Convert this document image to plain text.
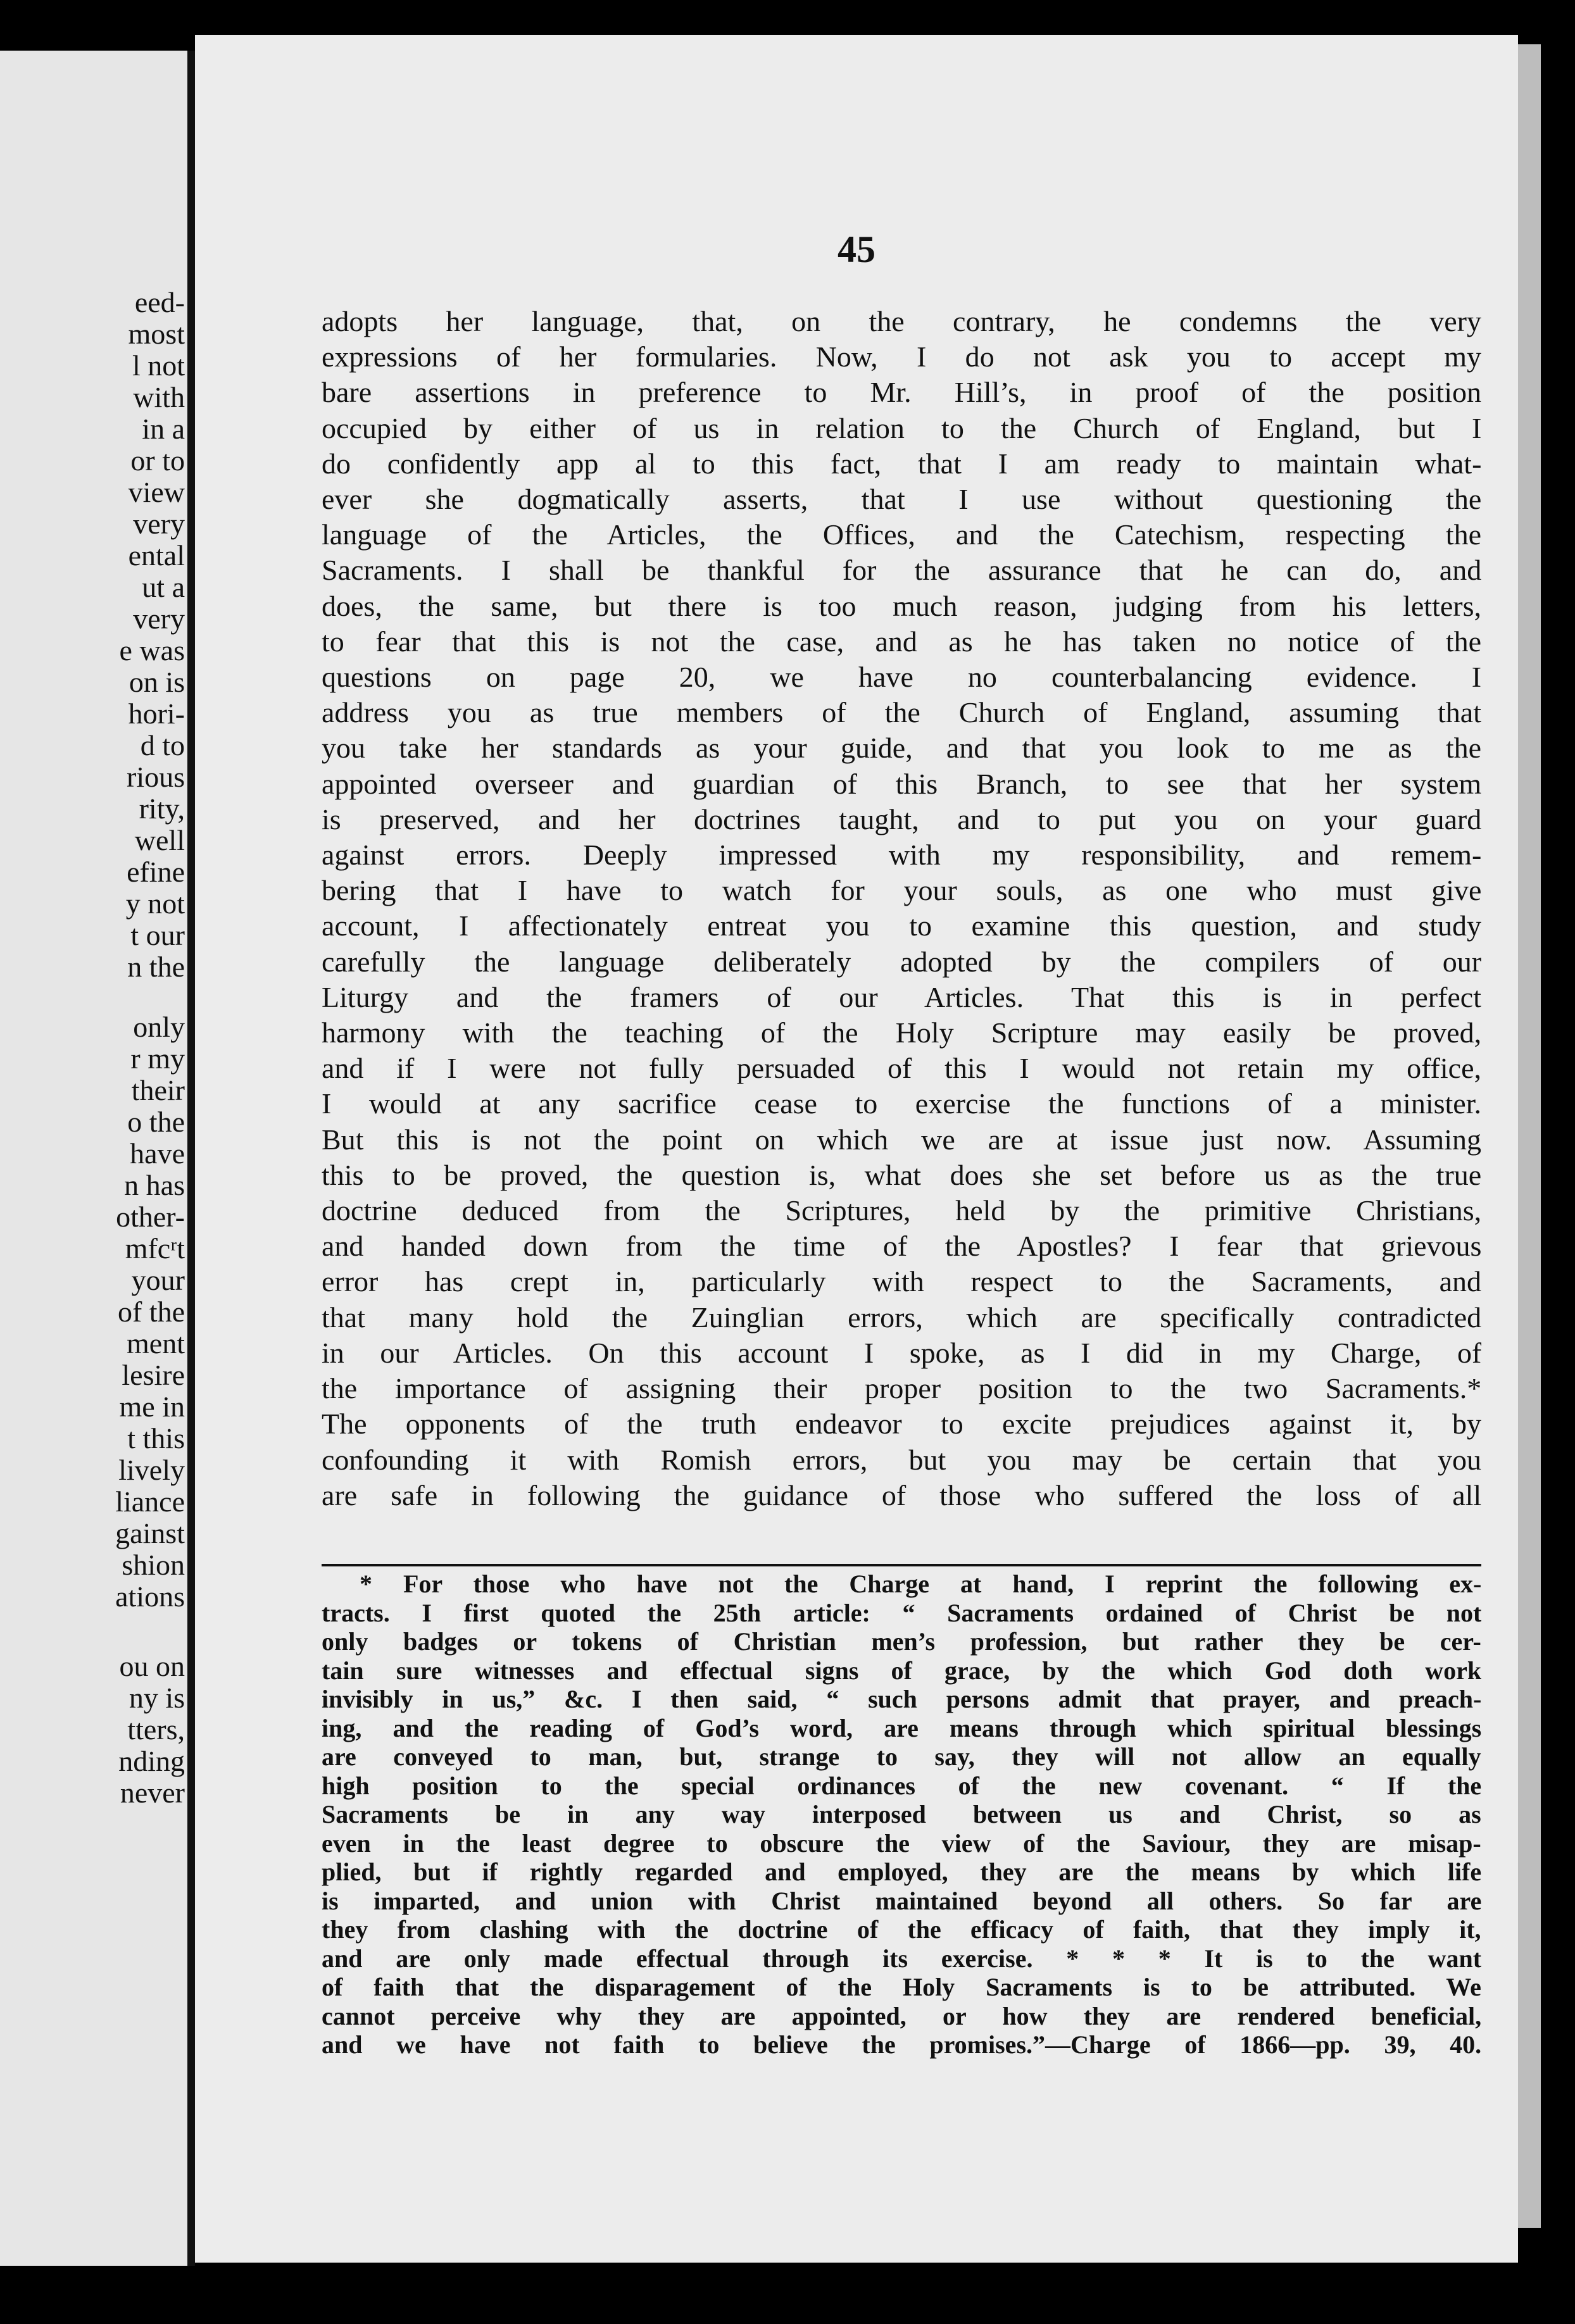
eed-
most
l not
with
in a
or to
view
very
ental
ut a
very
e was
on is
hori-
d to
rious
rity,
well
efine
y not
t our
n the
only
r my
their
o the
have
n has
other-
mfcʳt
your
of the
ment
lesire
me in
t this
lively
liance
gainst
shion
ations
ou on
ny is
tters,
nding
never
45
adopts her language, that, on the contrary, he condemns the very
expressions of her formularies. Now, I do not ask you to accept my
bare assertions in preference to Mr. Hill’s, in proof of the position
occupied by either of us in relation to the Church of England, but I
do confidently app al to this fact, that I am ready to maintain what-
ever she dogmatically asserts, that I use without questioning the
language of the Articles, the Offices, and the Catechism, respecting the
Sacraments. I shall be thankful for the assurance that he can do, and
does, the same, but there is too much reason, judging from his letters,
to fear that this is not the case, and as he has taken no notice of the
questions on page 20, we have no counterbalancing evidence. I
address you as true members of the Church of England, assuming that
you take her standards as your guide, and that you look to me as the
appointed overseer and guardian of this Branch, to see that her system
is preserved, and her doctrines taught, and to put you on your guard
against errors. Deeply impressed with my responsibility, and remem-
bering that I have to watch for your souls, as one who must give
account, I affectionately entreat you to examine this question, and study
carefully the language deliberately adopted by the compilers of our
Liturgy and the framers of our Articles. That this is in perfect
harmony with the teaching of the Holy Scripture may easily be proved,
and if I were not fully persuaded of this I would not retain my office,
I would at any sacrifice cease to exercise the functions of a minister.
But this is not the point on which we are at issue just now. Assuming
this to be proved, the question is, what does she set before us as the true
doctrine deduced from the Scriptures, held by the primitive Christians,
and handed down from the time of the Apostles? I fear that grievous
error has crept in, particularly with respect to the Sacraments, and
that many hold the Zuinglian errors, which are specifically contradicted
in our Articles. On this account I spoke, as I did in my Charge, of
the importance of assigning their proper position to the two Sacraments.*
The opponents of the truth endeavor to excite prejudices against it, by
confounding it with Romish errors, but you may be certain that you
are safe in following the guidance of those who suffered the loss of all
* For those who have not the Charge at hand, I reprint the following ex-
tracts. I first quoted the 25th article: “ Sacraments ordained of Christ be not
only badges or tokens of Christian men’s profession, but rather they be cer-
tain sure witnesses and effectual signs of grace, by the which God doth work
invisibly in us,” &c. I then said, “ such persons admit that prayer, and preach-
ing, and the reading of God’s word, are means through which spiritual blessings
are conveyed to man, but, strange to say, they will not allow an equally
high position to the special ordinances of the new covenant. “ If the
Sacraments be in any way interposed between us and Christ, so as
even in the least degree to obscure the view of the Saviour, they are misap-
plied, but if rightly regarded and employed, they are the means by which life
is imparted, and union with Christ maintained beyond all others. So far are
they from clashing with the doctrine of the efficacy of faith, that they imply it,
and are only made effectual through its exercise. * * * It is to the want
of faith that the disparagement of the Holy Sacraments is to be attributed. We
cannot perceive why they are appointed, or how they are rendered beneficial,
and we have not faith to believe the promises.”—Charge of 1866—pp. 39, 40.
